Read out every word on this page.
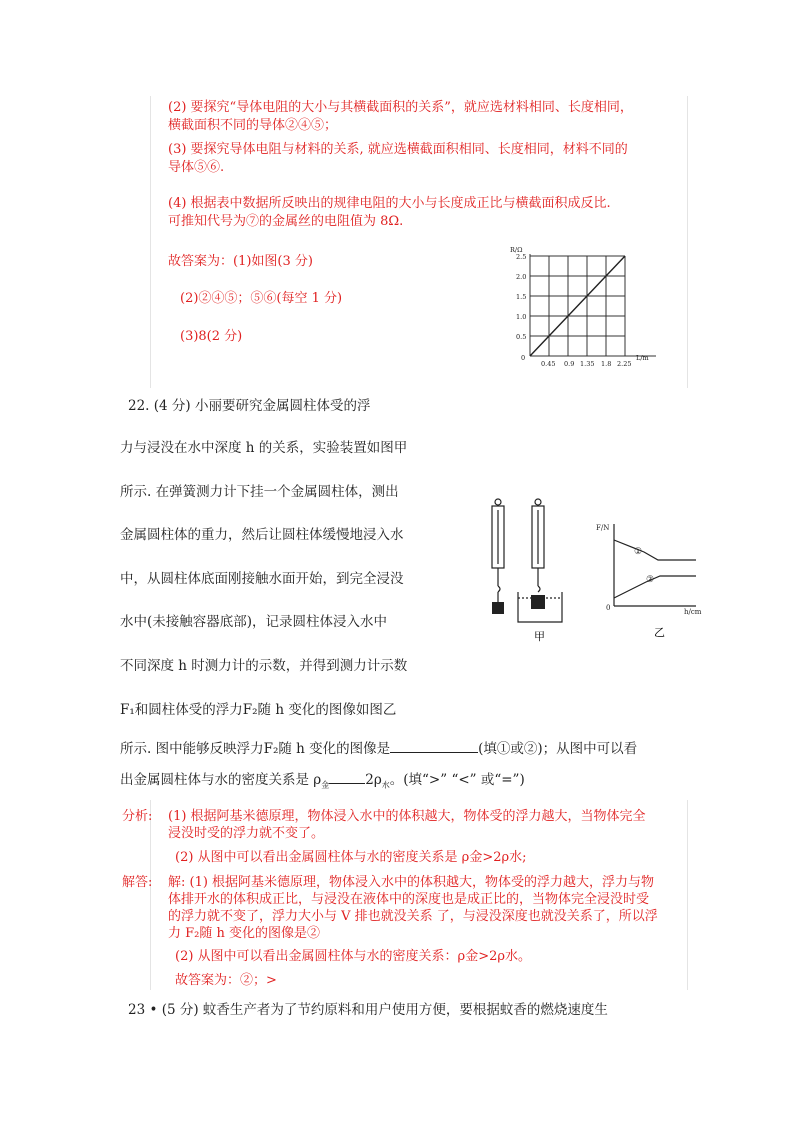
(2) 要探究“导体电阻的大小与其横截面积的关系”，就应选材料相同、长度相同，
横截面积不同的导体②④⑤；
(3) 要探究导体电阻与材料的关系, 就应选横截面积相同、长度相同，材料不同的
导体⑤⑥.
(4) 根据表中数据所反映出的规律电阻的大小与长度成正比与横截面积成反比.
可推知代号为⑦的金属丝的电阻值为 8Ω.
故答案为：(1)如图(3 分)
(2)②④⑤；⑤⑥(每空 1 分)
(3)8(2 分)
R/Ω
2.5
2.0
1.5
1.0
0.5
0
0.45 0.9 1.35 1.8 2.25
L/m
22. (4 分) 小丽要研究金属圆柱体受的浮
力与浸没在水中深度 h 的关系，实验装置如图甲
所示. 在弹簧测力计下挂一个金属圆柱体，测出
金属圆柱体的重力，然后让圆柱体缓慢地浸入水
中，从圆柱体底面刚接触水面开始，到完全浸没
水中(未接触容器底部)，记录圆柱体浸入水中
不同深度 h 时测力计的示数，并得到测力计示数
F₁和圆柱体受的浮力F₂随 h 变化的图像如图乙
所示. 图中能够反映浮力F₂随 h 变化的图像是	(填①或②)；从图中可以看
出金属圆柱体与水的密度关系是 $\rho_金$	$2\rho_水$。(填“>” “<” 或“=”)
甲
F/N
0	h/cm
①
②
乙
分析: (1) 根据阿基米德原理，物体浸入水中的体积越大，物体受的浮力越大，当物体完全
浸没时受的浮力就不变了。
(2) 从图中可以看出金属圆柱体与水的密度关系是 ρ金>2ρ水;
解答: 解: (1) 根据阿基米德原理，物体浸入水中的体积越大，物体受的浮力越大，浮力与物
体排开水的体积成正比，与浸没在液体中的深度也是成正比的，当物体完全浸没时受
的浮力就不变了，浮力大小与 V 排也就没关系 了，与浸没深度也就没关系了，所以浮
力 F₂随 h 变化的图像是②
(2) 从图中可以看出金属圆柱体与水的密度关系：ρ金>2ρ水。
故答案为：②；>
23 • (5 分) 蚊香生产者为了节约原料和用户使用方便，要根据蚊香的燃烧速度生
